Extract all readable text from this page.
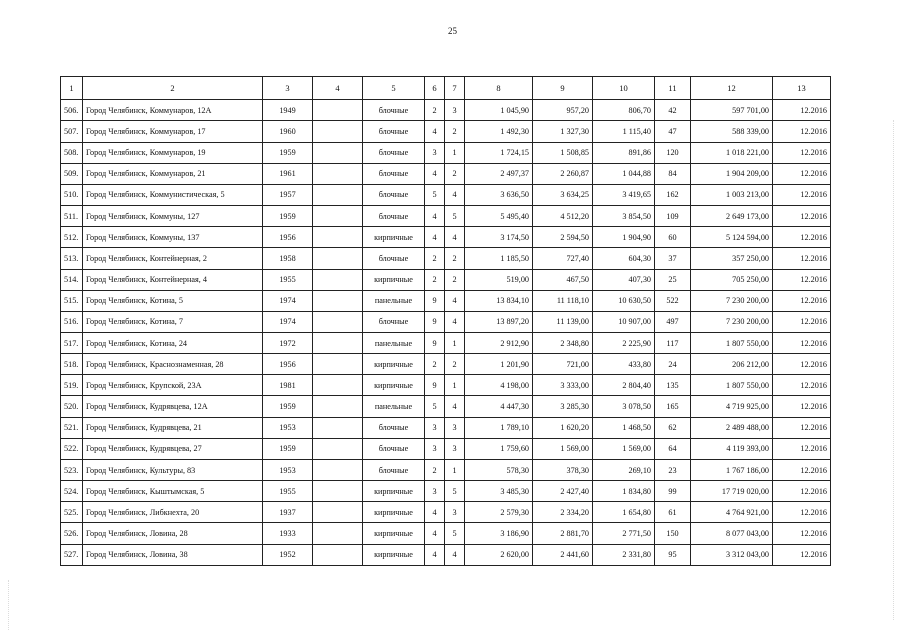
25
1	2	3	4	5	6	7	8	9	10	11	12	13
506.	Город Челябинск, Коммунаров, 12А	1949		блочные	2	3	1 045,90	957,20	806,70	42	597 701,00	12.2016
507.	Город Челябинск, Коммунаров, 17	1960		блочные	4	2	1 492,30	1 327,30	1 115,40	47	588 339,00	12.2016
508.	Город Челябинск, Коммунаров, 19	1959		блочные	3	1	1 724,15	1 508,85	891,86	120	1 018 221,00	12.2016
509.	Город Челябинск, Коммунаров, 21	1961		блочные	4	2	2 497,37	2 260,87	1 044,88	84	1 904 209,00	12.2016
510.	Город Челябинск, Коммунистическая, 5	1957		блочные	5	4	3 636,50	3 634,25	3 419,65	162	1 003 213,00	12.2016
511.	Город Челябинск, Коммуны, 127	1959		блочные	4	5	5 495,40	4 512,20	3 854,50	109	2 649 173,00	12.2016
512.	Город Челябинск, Коммуны, 137	1956		кирпичные	4	4	3 174,50	2 594,50	1 904,90	60	5 124 594,00	12.2016
513.	Город Челябинск, Контейнерная, 2	1958		блочные	2	2	1 185,50	727,40	604,30	37	357 250,00	12.2016
514.	Город Челябинск, Контейнерная, 4	1955		кирпичные	2	2	519,00	467,50	407,30	25	705 250,00	12.2016
515.	Город Челябинск, Котина, 5	1974		панельные	9	4	13 834,10	11 118,10	10 630,50	522	7 230 200,00	12.2016
516.	Город Челябинск, Котина, 7	1974		блочные	9	4	13 897,20	11 139,00	10 907,00	497	7 230 200,00	12.2016
517.	Город Челябинск, Котина, 24	1972		панельные	9	1	2 912,90	2 348,80	2 225,90	117	1 807 550,00	12.2016
518.	Город Челябинск, Краснознаменная, 28	1956		кирпичные	2	2	1 201,90	721,00	433,80	24	206 212,00	12.2016
519.	Город Челябинск, Крупской, 23А	1981		кирпичные	9	1	4 198,00	3 333,00	2 804,40	135	1 807 550,00	12.2016
520.	Город Челябинск, Кудрявцева, 12А	1959		панельные	5	4	4 447,30	3 285,30	3 078,50	165	4 719 925,00	12.2016
521.	Город Челябинск, Кудрявцева, 21	1953		блочные	3	3	1 789,10	1 620,20	1 468,50	62	2 489 488,00	12.2016
522.	Город Челябинск, Кудрявцева, 27	1959		блочные	3	3	1 759,60	1 569,00	1 569,00	64	4 119 393,00	12.2016
523.	Город Челябинск, Культуры, 83	1953		блочные	2	1	578,30	378,30	269,10	23	1 767 186,00	12.2016
524.	Город Челябинск, Кыштымская, 5	1955		кирпичные	3	5	3 485,30	2 427,40	1 834,80	99	17 719 020,00	12.2016
525.	Город Челябинск, Либкнехта, 20	1937		кирпичные	4	3	2 579,30	2 334,20	1 654,80	61	4 764 921,00	12.2016
526.	Город Челябинск, Ловина, 28	1933		кирпичные	4	5	3 186,90	2 881,70	2 771,50	150	8 077 043,00	12.2016
527.	Город Челябинск, Ловина, 38	1952		кирпичные	4	4	2 620,00	2 441,60	2 331,80	95	3 312 043,00	12.2016
